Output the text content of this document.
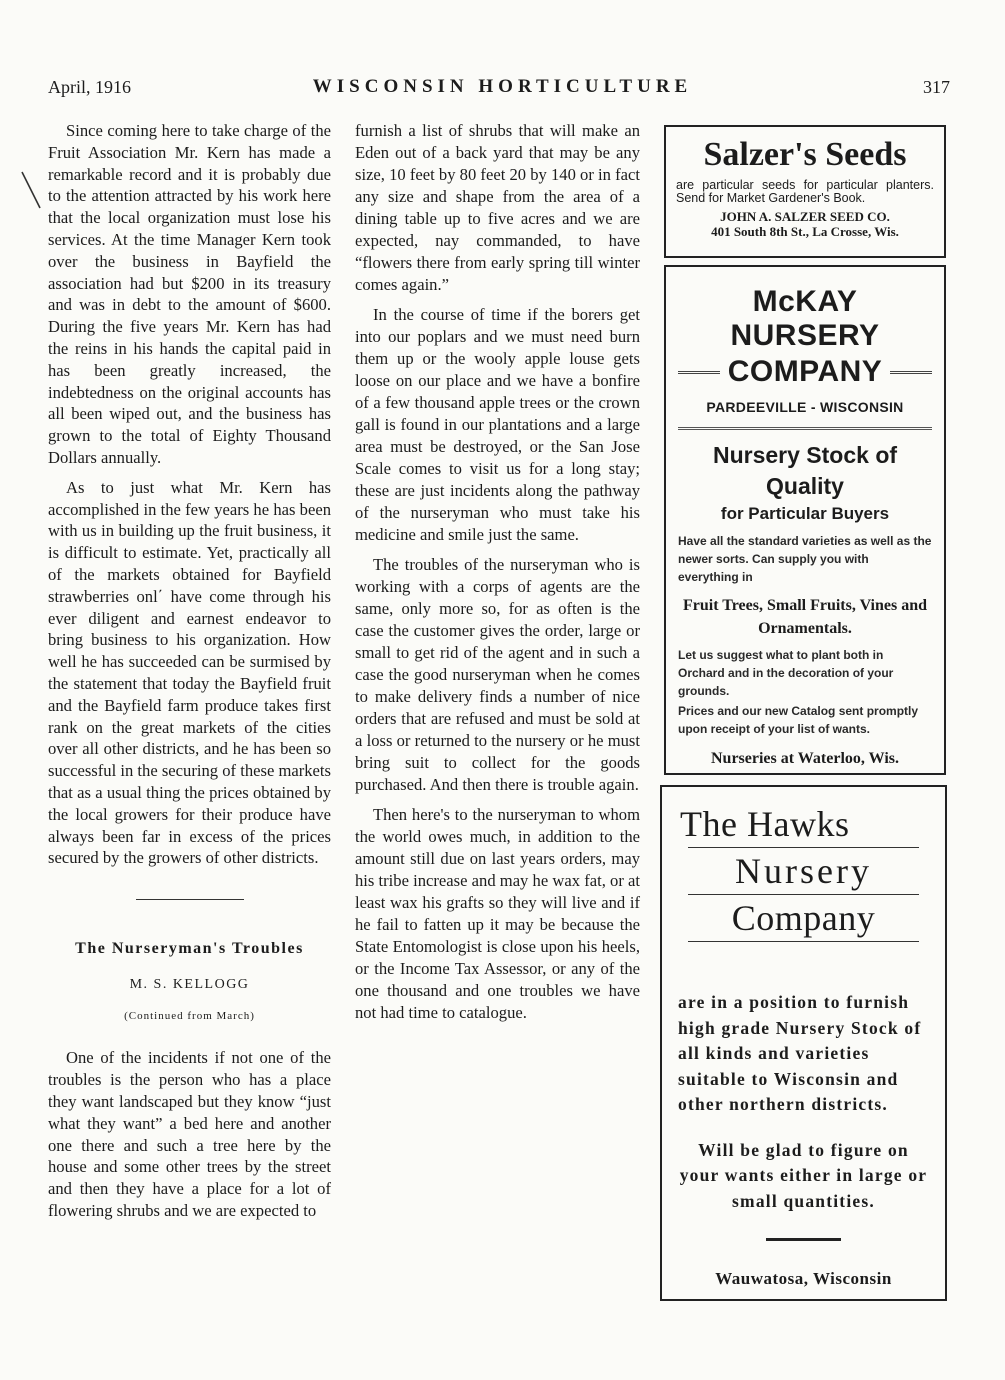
April, 1916	WISCONSIN HORTICULTURE	317

Since coming here to take charge of the Fruit Association Mr. Kern has made a remarkable record and it is probably due to the attention attracted by his work here that the local organization must lose his services. At the time Manager Kern took over the business in Bayfield the association had but $200 in its treasury and was in debt to the amount of $600. During the five years Mr. Kern has had the reins in his hands the capital paid in has been greatly increased, the indebtedness on the original accounts has all been wiped out, and the business has grown to the total of Eighty Thousand Dollars annually.

As to just what Mr. Kern has accomplished in the few years he has been with us in building up the fruit business, it is difficult to estimate. Yet, practically all of the markets obtained for Bayfield strawberries onl΄ have come through his ever diligent and earnest endeavor to bring business to his organization. How well he has succeeded can be surmised by the statement that today the Bayfield fruit and the Bayfield farm produce takes first rank on the great markets of the cities over all other districts, and he has been so successful in the securing of these markets that as a usual thing the prices obtained by the local growers for their produce have always been far in excess of the prices secured by the growers of other districts.

The Nurseryman's Troubles
M. S. KELLOGG
(Continued from March)

One of the incidents if not one of the troubles is the person who has a place they want landscaped but they know “just what they want” a bed here and another one there and such a tree here by the house and some other trees by the street and then they have a place for a lot of flowering shrubs and we are expected to

furnish a list of shrubs that will make an Eden out of a back yard that may be any size, 10 feet by 80 feet 20 by 140 or in fact any size and shape from the area of a dining table up to five acres and we are expected, nay commanded, to have “flowers there from early spring till winter comes again.”

In the course of time if the borers get into our poplars and we must need burn them up or the wooly apple louse gets loose on our place and we have a bonfire of a few thousand apple trees or the crown gall is found in our plantations and a large area must be destroyed, or the San Jose Scale comes to visit us for a long stay; these are just incidents along the pathway of the nurseryman who must take his medicine and smile just the same.

The troubles of the nurseryman who is working with a corps of agents are the same, only more so, for as often is the case the customer gives the order, large or small to get rid of the agent and in such a case the good nurseryman when he comes to make delivery finds a number of nice orders that are refused and must be sold at a loss or returned to the nursery or he must bring suit to collect for the goods purchased. And then there is trouble again.

Then here's to the nurseryman to whom the world owes much, in addition to the amount still due on last years orders, may his tribe increase and may he wax fat, or at least wax his grafts so they will live and if he fail to fatten up it may be because the State Entomologist is close upon his heels, or the Income Tax Assessor, or any of the one thousand and one troubles we have not had time to catalogue.

Salzer's Seeds
are particular seeds for particular planters. Send for Market Gardener's Book.
JOHN A. SALZER SEED CO.
401 South 8th St., La Crosse, Wis.
McKAY NURSERY
COMPANY
PARDEEVILLE - WISCONSIN
Nursery Stock of
Quality
for Particular Buyers
Have all the standard varieties as well as the newer sorts. Can supply you with everything in
Fruit Trees, Small Fruits, Vines and Ornamentals.
Let us suggest what to plant both in Orchard and in the decoration of your grounds.
Prices and our new Catalog sent promptly upon receipt of your list of wants.
Nurseries at Waterloo, Wis.
The Hawks
Nursery
Company
are in a position to furnish high grade Nursery Stock of all kinds and varieties suitable to Wisconsin and other northern districts.
Will be glad to figure on your wants either in large or small quantities.
Wauwatosa, Wisconsin
